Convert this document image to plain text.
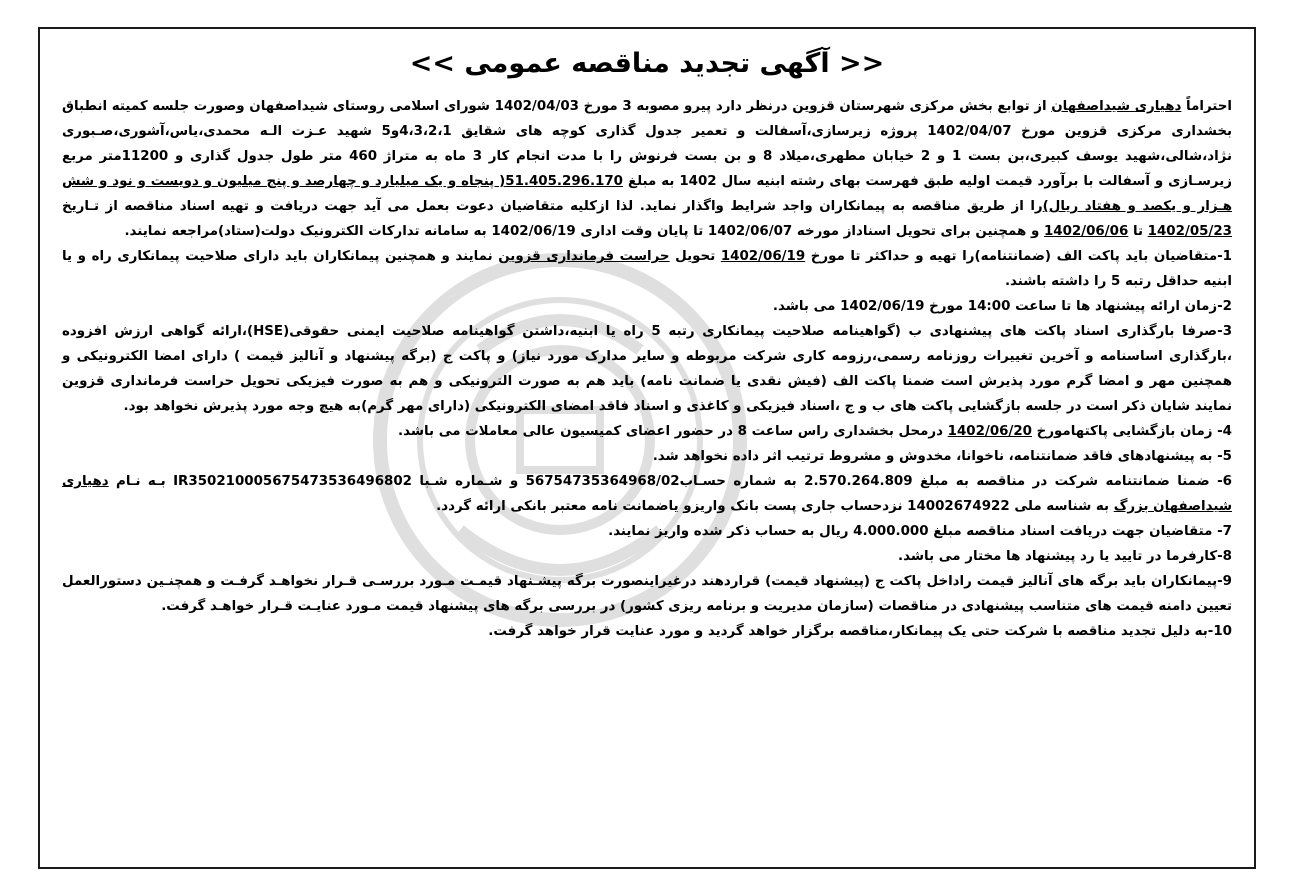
<< آگهی تجدید مناقصه عمومی >>

احتراماً دهیاری شیداصفهان از توابع بخش مرکزی شهرستان قزوین درنظر دارد پیرو مصوبه 3 مورخ 1402/04/03 شورای اسلامی روستای شیداصفهان وصورت جلسه کمیته انطباق بخشداری مرکزی قزوین مورخ 1402/04/07 پروژه زیرسازی،آسفالت و تعمیر جدول گذاری کوچه های شقایق 4،3،2،1و5 شهید عـزت الـه محمدی،یاس،آشوری،صـبوری نژاد،شالی،شهید یوسف کبیری،بن بست 1 و 2 خیابان مطهری،میلاد 8 و بن بست فرنوش را با مدت انجام کار 3 ماه به متراژ 460 متر طول جدول گذاری و 11200متر مربع زیرسـازی و آسفالت با برآورد قیمت اولیه طبق فهرست بهای رشته ابنیه سال 1402 به مبلغ 51.405.296.170( پنجاه و یک میلیارد و چهارصد و پنج میلیون و دویست و نود و شش هـزار و یکصد و هفتاد ریال)را از طریق مناقصه به پیمانکاران واجد شرایط واگذار نماید. لذا ازکلیه متقاضیان دعوت بعمل می آید جهت دریافت و تهیه اسناد مناقصه از تـاریخ 1402/05/23 تا 1402/06/06 و همچنین برای تحویل اسناداز مورخه 1402/06/07 تا پایان وقت اداری 1402/06/19 به سامانه تدارکات الکترونیک دولت(ستاد)مراجعه نمایند.

1-متقاضیان باید پاکت الف (ضمانتنامه)را تهیه و حداکثر تا مورخ 1402/06/19 تحویل حراست فرمانداری قزوین نمایند و همچنین پیمانکاران باید دارای صلاحیت پیمانکاری راه و یا ابنیه حداقل رتبه 5 را داشته باشند.

2-زمان ارائه پیشنهاد ها تا ساعت 14:00 مورخ 1402/06/19 می باشد.

3-صرفا بارگذاری اسناد پاکت های پیشنهادی ب (گواهینامه صلاحیت پیمانکاری رتبه 5 راه یا ابنیه،داشتن گواهینامه صلاحیت ایمنی حقوقی(HSE)،ارائه گواهی ارزش افزوده ،بارگذاری اساسنامه و آخرین تغییرات روزنامه رسمی،رزومه کاری شرکت مربوطه و سایر مدارک مورد نیاز) و پاکت ج (برگه پیشنهاد و آنالیز قیمت ) دارای امضا الکترونیکی و همچنین مهر و امضا گرم مورد پذیرش است ضمنا پاکت الف (فیش نقدی یا ضمانت نامه) باید هم به صورت الترونیکی و هم به صورت فیزیکی تحویل حراست فرمانداری قزوین نمایند شایان ذکر است در جلسه بازگشایی پاکت های ب و ج ،اسناد فیزیکی و کاغذی و اسناد فاقد امضای الکترونیکی (دارای مهر گرم)به هیچ وجه مورد پذیرش نخواهد بود.

4- زمان بازگشایی پاکتهامورخ 1402/06/20 درمحل بخشداری راس ساعت 8 در حضور اعضای کمیسیون عالی معاملات می باشد.

5- به پیشنهادهای فاقد ضمانتنامه، ناخوانا، مخدوش و مشروط ترتیب اثر داده نخواهد شد.

6- ضمنا ضمانتنامه شرکت در مناقصه به مبلغ 2.570.264.809 به شماره حسـاب56754735364968/02 و شـماره شـبا IR350210005675473536496802 بـه نـام دهیاری شیداصفهان بزرگ به شناسه ملی 14002674922 نزدحساب جاری پست بانک واریزو یاضمانت نامه معتبر بانکی ارائه گردد.

7- متقاضیان جهت دریافت اسناد مناقصه مبلغ 4.000.000 ریال به حساب ذکر شده واریز نمایند.

8-کارفرما در تایید یا رد پیشنهاد ها مختار می باشد.

9-پیمانکاران باید برگه های آنالیز قیمت راداخل پاکت ج (پیشنهاد قیمت) قراردهند درغیراینصورت برگه پیشـنهاد قیمـت مـورد بررسـی قـرار نخواهـد گرفـت و همچنـین دستورالعمل تعیین دامنه قیمت های متناسب پیشنهادی در مناقصات (سازمان مدیریت و برنامه ریزی کشور) در بررسی برگه های پیشنهاد قیمت مـورد عنایـت قـرار خواهـد گرفت.

10-به دلیل تجدید مناقصه با شرکت حتی یک پیمانکار،مناقصه برگزار خواهد گردید و مورد عنایت قرار خواهد گرفت.
